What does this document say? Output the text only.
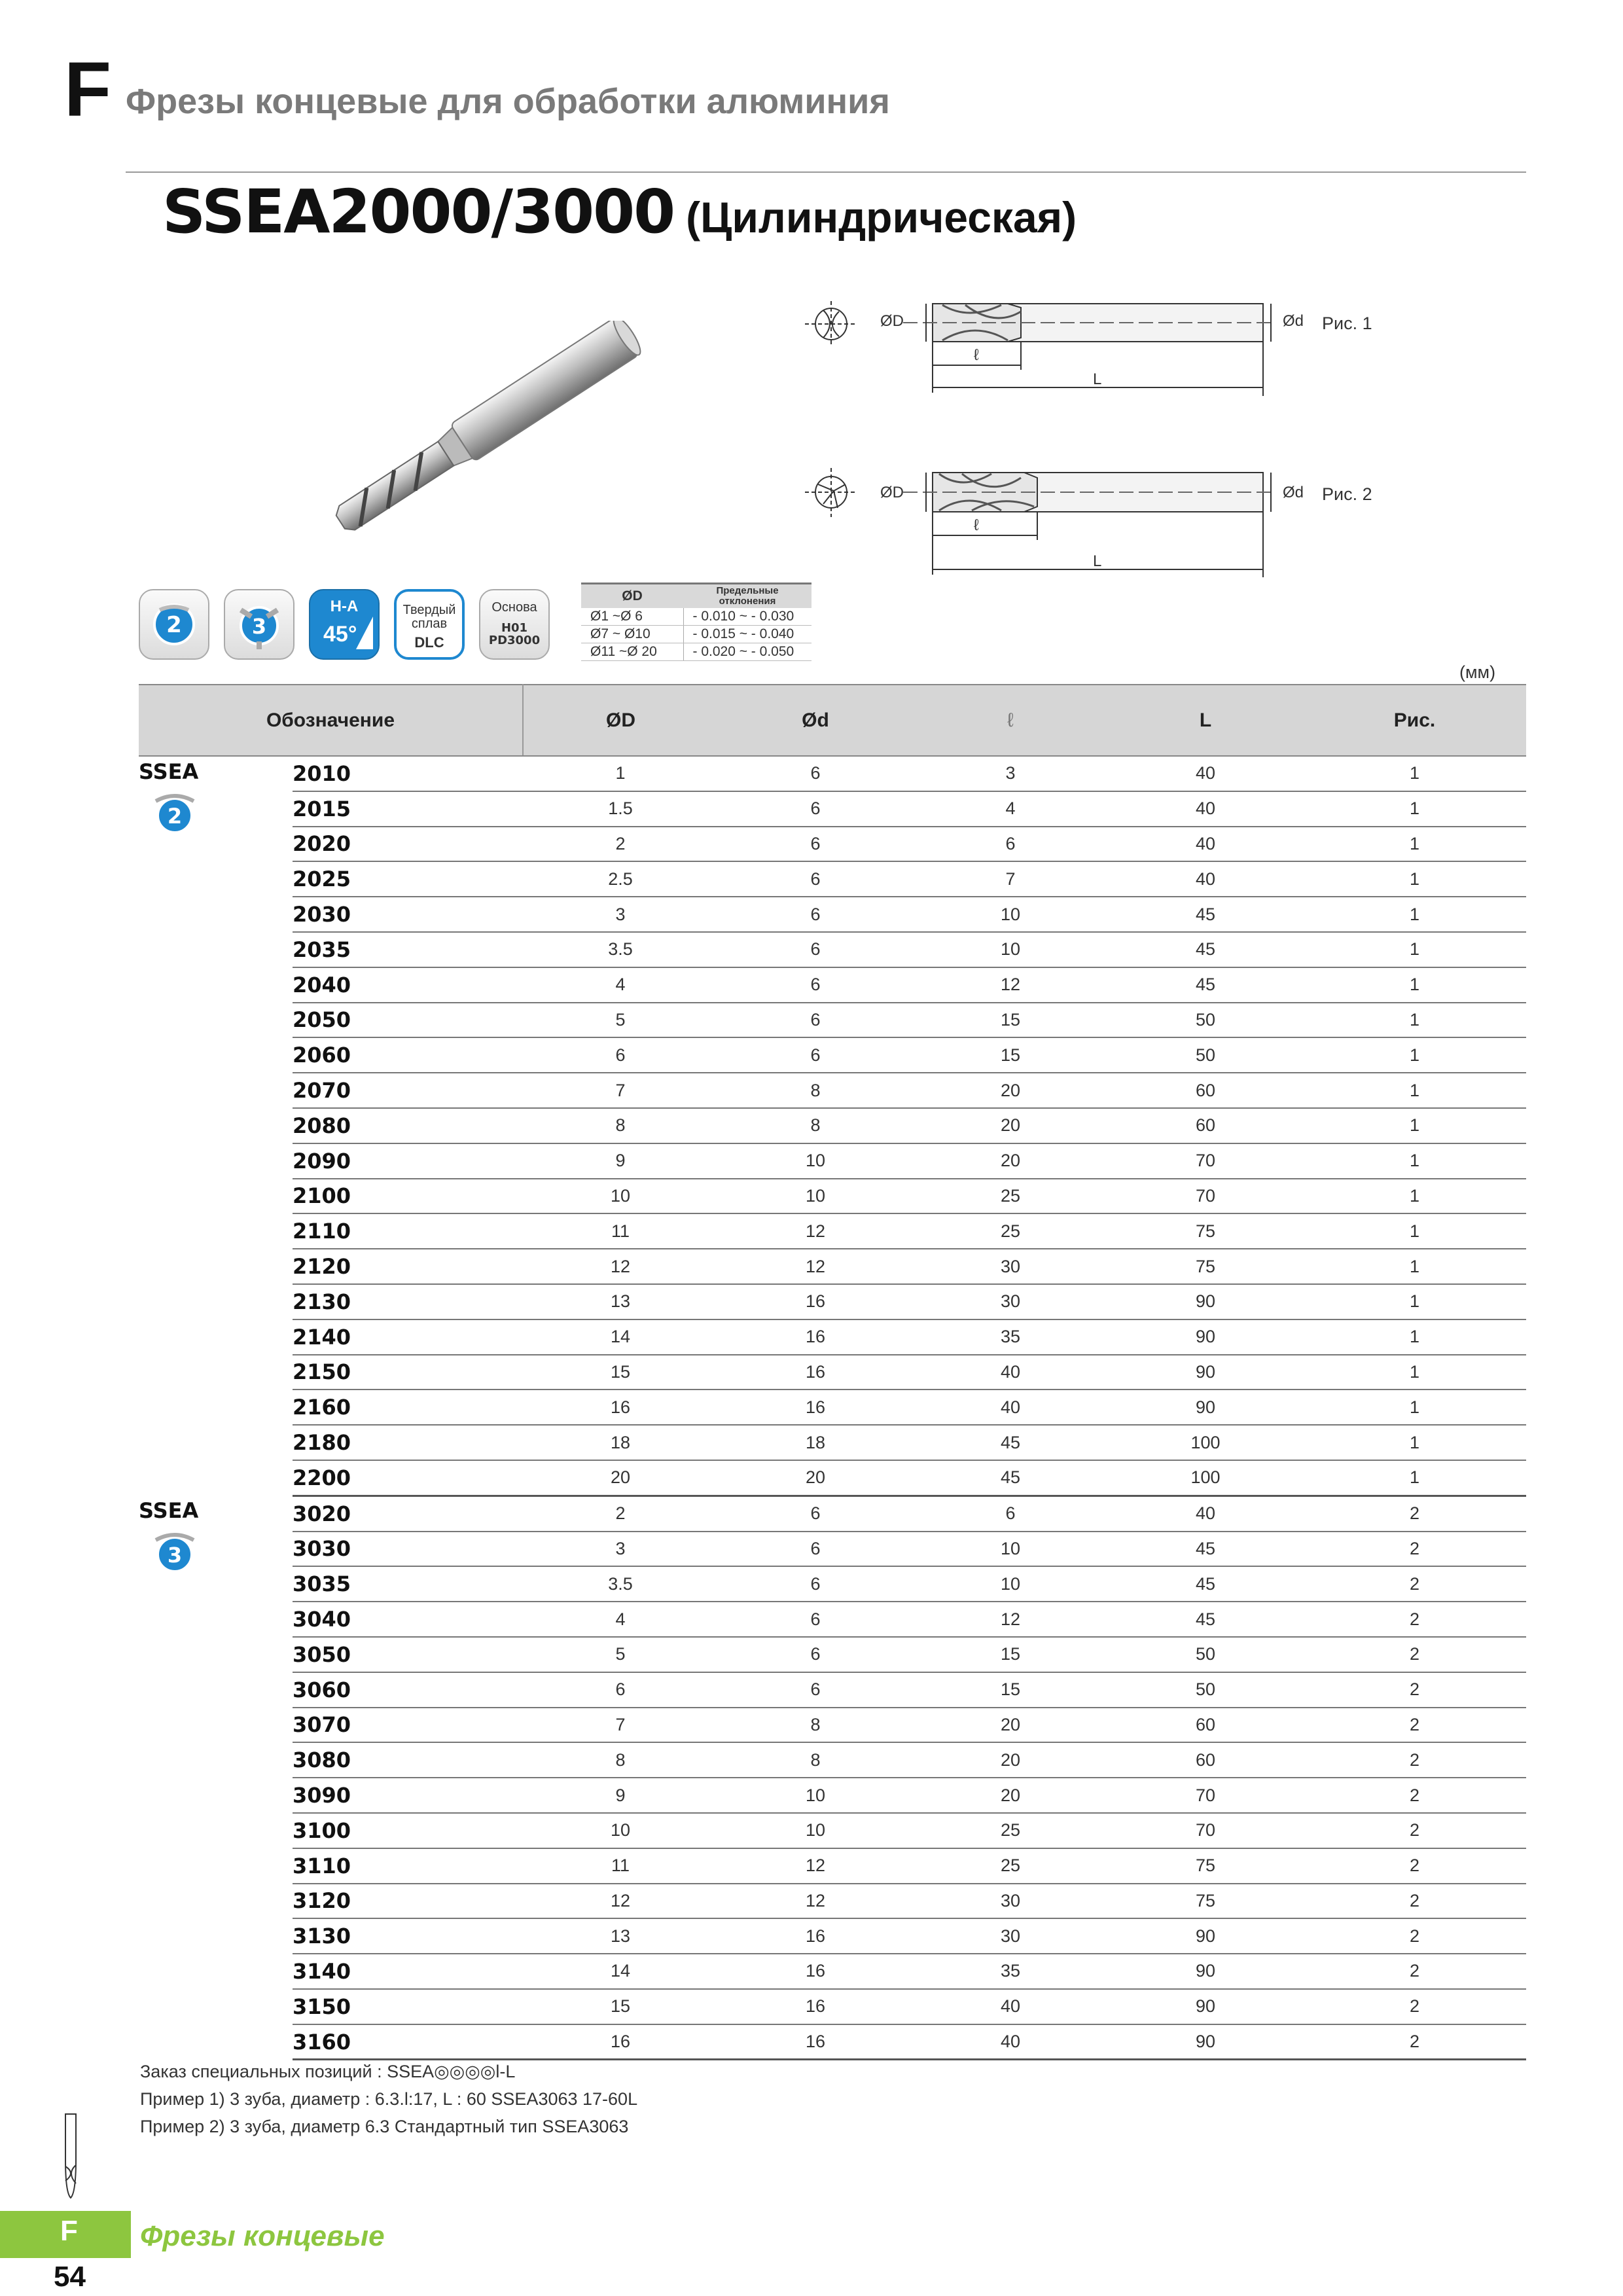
F Фрезы концевые для обработки алюминия
SSEA2000/3000 (Цилиндрическая)
ØD	Ød
ℓ
L
Рис. 1
ØD	Ød
ℓ
L
Рис. 2
2	3
H-A
45°
Твердый
сплав
DLC
Основа
H01
PD3000
ØD	Предельные отклонения
Ø1 ~Ø 6	- 0.010 ~ - 0.030
Ø7 ~ Ø10	- 0.015 ~ - 0.040
Ø11 ~Ø 20	- 0.020 ~ - 0.050
(мм)
Обозначение		ØD	Ød	ℓ	L	Рис.

SSEA
2	2010	1	6	3	40	1
	2015	1.5	6	4	40	1
	2020	2	6	6	40	1
	2025	2.5	6	7	40	1
	2030	3	6	10	45	1
	2035	3.5	6	10	45	1
	2040	4	6	12	45	1
	2050	5	6	15	50	1
	2060	6	6	15	50	1
	2070	7	8	20	60	1
	2080	8	8	20	60	1
	2090	9	10	20	70	1
	2100	10	10	25	70	1
	2110	11	12	25	75	1
	2120	12	12	30	75	1
	2130	13	16	30	90	1
	2140	14	16	35	90	1
	2150	15	16	40	90	1
	2160	16	16	40	90	1
	2180	18	18	45	100	1
	2200	20	20	45	100	1

SSEA
3	3020	2	6	6	40	2
	3030	3	6	10	45	2
	3035	3.5	6	10	45	2
	3040	4	6	12	45	2
	3050	5	6	15	50	2
	3060	6	6	15	50	2
	3070	7	8	20	60	2
	3080	8	8	20	60	2
	3090	9	10	20	70	2
	3100	10	10	25	70	2
	3110	11	12	25	75	2
	3120	12	12	30	75	2
	3130	13	16	30	90	2
	3140	14	16	35	90	2
	3150	15	16	40	90	2
	3160	16	16	40	90	2
Заказ специальных позиций : SSEA◎◎◎◎l-L
Пример 1) 3 зуба, диаметр : 6.3.l:17, L : 60 SSEA3063 17-60L
Пример 2) 3 зуба, диаметр 6.3 Стандартный тип SSEA3063
F Фрезы концевые
54
